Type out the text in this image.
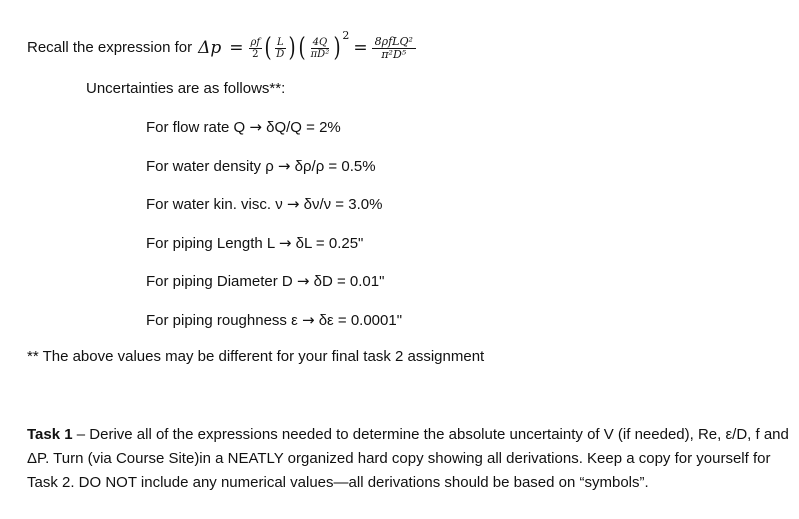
Recall the expression for $\Delta p = \frac{\rho f}{2}$ ( $\frac{L}{D}$ ) ( $\frac{4Q}{\text{πD²}}$ ) 2
= $\frac{\text{8ρfLQ²}}{\text{π²D⁵}}$
Uncertainties are as follows**:
For flow rate Q → δQ/Q = 2%
For water density ρ → δρ/ρ = 0.5%
For water kin. visc. ν → δν/ν = 3.0%
For piping Length L → δL = 0.25"
For piping Diameter D → δD = 0.01"
For piping roughness ε → δε = 0.0001"
** The above values may be different for your final task 2 assignment
Task 1 – Derive all of the expressions needed to determine the absolute uncertainty of V (if needed), Re, ε/D, f and ΔP. Turn (via Course Site)in a NEATLY organized hard copy showing all derivations. Keep a copy for yourself for Task 2. DO NOT include any numerical values—all derivations should be based on “symbols”.
